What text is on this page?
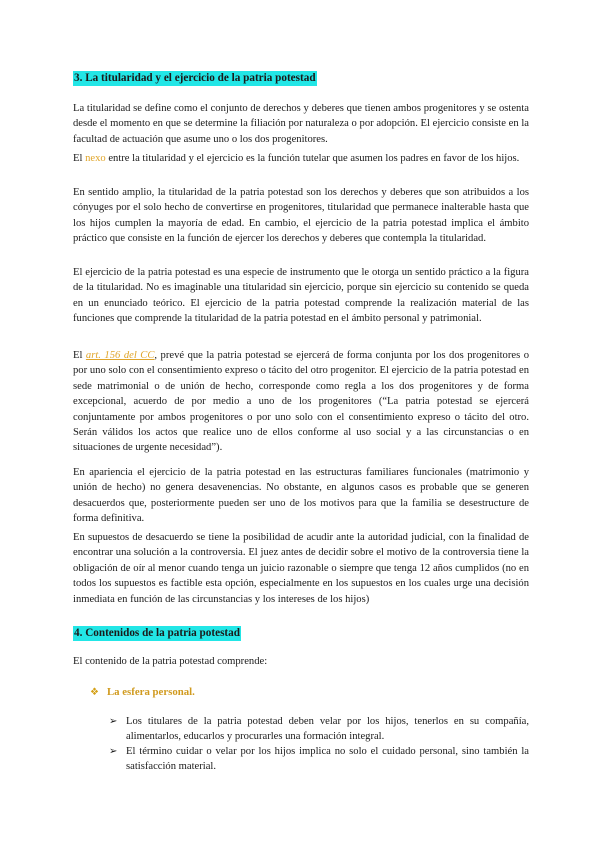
3. La titularidad y el ejercicio de la patria potestad

La titularidad se define como el conjunto de derechos y deberes que tienen ambos progenitores y se ostenta desde el momento en que se determine la filiación por naturaleza o por adopción. El ejercicio consiste en la facultad de actuación que asume uno o los dos progenitores.

El nexo entre la titularidad y el ejercicio es la función tutelar que asumen los padres en favor de los hijos.

En sentido amplio, la titularidad de la patria potestad son los derechos y deberes que son atribuidos a los cónyuges por el solo hecho de convertirse en progenitores, titularidad que permanece inalterable hasta que los hijos cumplen la mayoría de edad. En cambio, el ejercicio de la patria potestad implica el ámbito práctico que consiste en la función de ejercer los derechos y deberes que contempla la titularidad.

El ejercicio de la patria potestad es una especie de instrumento que le otorga un sentido práctico a la figura de la titularidad. No es imaginable una titularidad sin ejercicio, porque sin ejercicio su contenido se queda en un enunciado teórico. El ejercicio de la patria potestad comprende la realización material de las funciones que comprende la titularidad de la patria potestad en el ámbito personal y patrimonial.

El art. 156 del CC, prevé que la patria potestad se ejercerá de forma conjunta por los dos progenitores o por uno solo con el consentimiento expreso o tácito del otro progenitor. El ejercicio de la patria potestad en sede matrimonial o de unión de hecho, corresponde como regla a los dos progenitores y de forma excepcional, acuerdo de por medio a uno de los progenitores (“La patria potestad se ejercerá conjuntamente por ambos progenitores o por uno solo con el consentimiento expreso o tácito del otro. Serán válidos los actos que realice uno de ellos conforme al uso social y a las circunstancias o en situaciones de urgente necesidad”).

En apariencia el ejercicio de la patria potestad en las estructuras familiares funcionales (matrimonio y unión de hecho) no genera desavenencias. No obstante, en algunos casos es probable que se generen desacuerdos que, posteriormente pueden ser uno de los motivos para que la familia se desestructure de forma definitiva.

En supuestos de desacuerdo se tiene la posibilidad de acudir ante la autoridad judicial, con la finalidad de encontrar una solución a la controversia. El juez antes de decidir sobre el motivo de la controversia tiene la obligación de oír al menor cuando tenga un juicio razonable o siempre que tenga 12 años cumplidos (no en todos los supuestos es factible esta opción, especialmente en los supuestos en los cuales urge una decisión inmediata en función de las circunstancias y los intereses de los hijos)

4. Contenidos de la patria potestad

El contenido de la patria potestad comprende:

❖ La esfera personal.
➢ Los titulares de la patria potestad deben velar por los hijos, tenerlos en su compañía, alimentarlos, educarlos y procurarles una formación integral.
➢ El término cuidar o velar por los hijos implica no solo el cuidado personal, sino también la satisfacción material.
